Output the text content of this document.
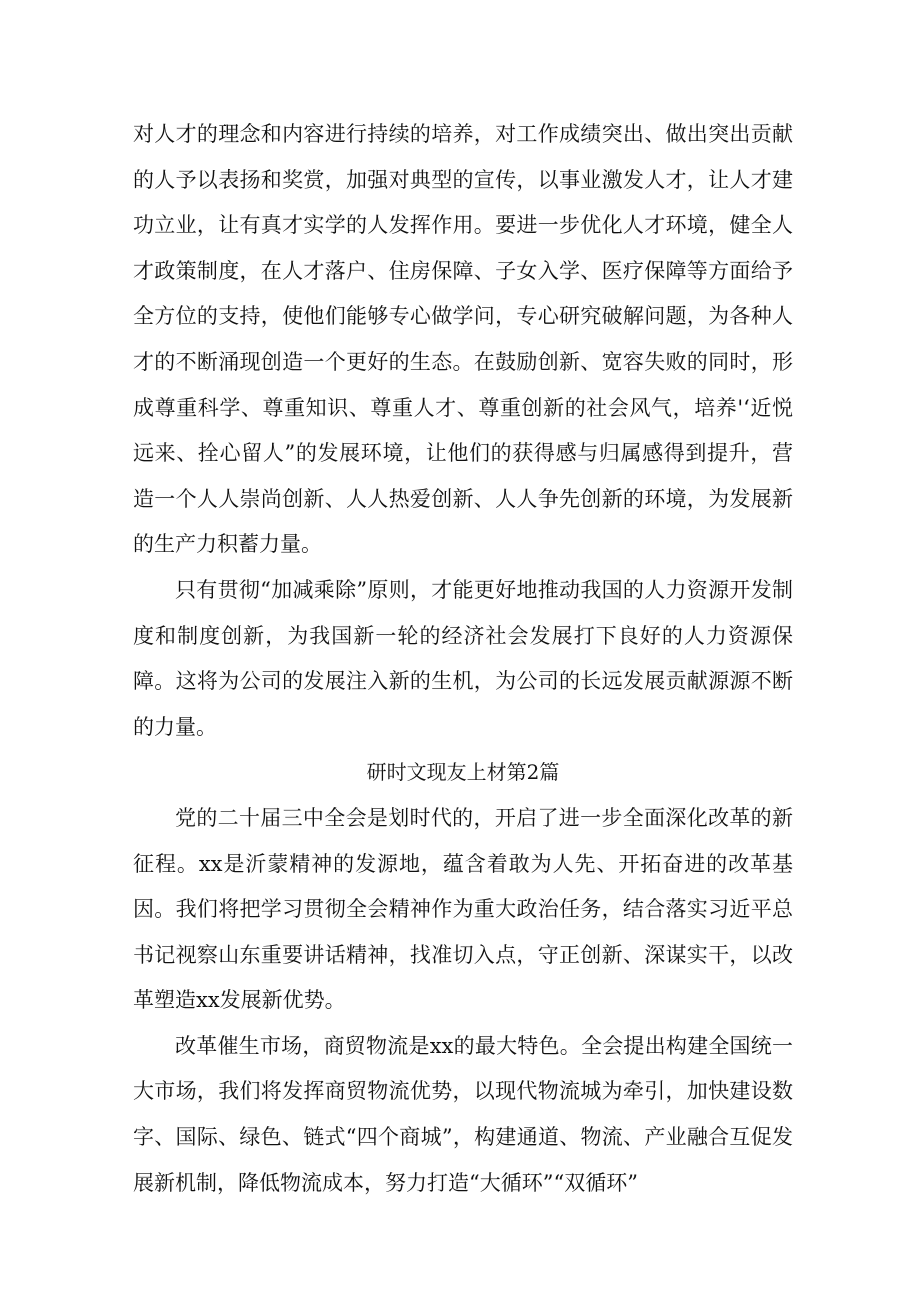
对人才的理念和内容进行持续的培养，对工作成绩突出、做出突出贡献的人予以表扬和奖赏，加强对典型的宣传，以事业激发人才，让人才建功立业，让有真才实学的人发挥作用。要进一步优化人才环境，健全人才政策制度，在人才落户、住房保障、子女入学、医疗保障等方面给予全方位的支持，使他们能够专心做学问，专心研究破解问题，为各种人才的不断涌现创造一个更好的生态。在鼓励创新、宽容失败的同时，形成尊重科学、尊重知识、尊重人才、尊重创新的社会风气，培养'‘近悦远来、拴心留人”的发展环境，让他们的获得感与归属感得到提升，营造一个人人崇尚创新、人人热爱创新、人人争先创新的环境，为发展新的生产力积蓄力量。

只有贯彻“加减乘除”原则，才能更好地推动我国的人力资源开发制度和制度创新，为我国新一轮的经济社会发展打下良好的人力资源保障。这将为公司的发展注入新的生机，为公司的长远发展贡献源源不断的力量。

研时文现友上材第2篇

党的二十届三中全会是划时代的，开启了进一步全面深化改革的新征程。xx是沂蒙精神的发源地，蕴含着敢为人先、开拓奋进的改革基因。我们将把学习贯彻全会精神作为重大政治任务，结合落实习近平总书记视察山东重要讲话精神，找准切入点，守正创新、深谋实干，以改革塑造xx发展新优势。

改革催生市场，商贸物流是xx的最大特色。全会提出构建全国统一大市场，我们将发挥商贸物流优势，以现代物流城为牵引，加快建设数字、国际、绿色、链式“四个商城”，构建通道、物流、产业融合互促发展新机制，降低物流成本，努力打造“大循环”“双循环”
